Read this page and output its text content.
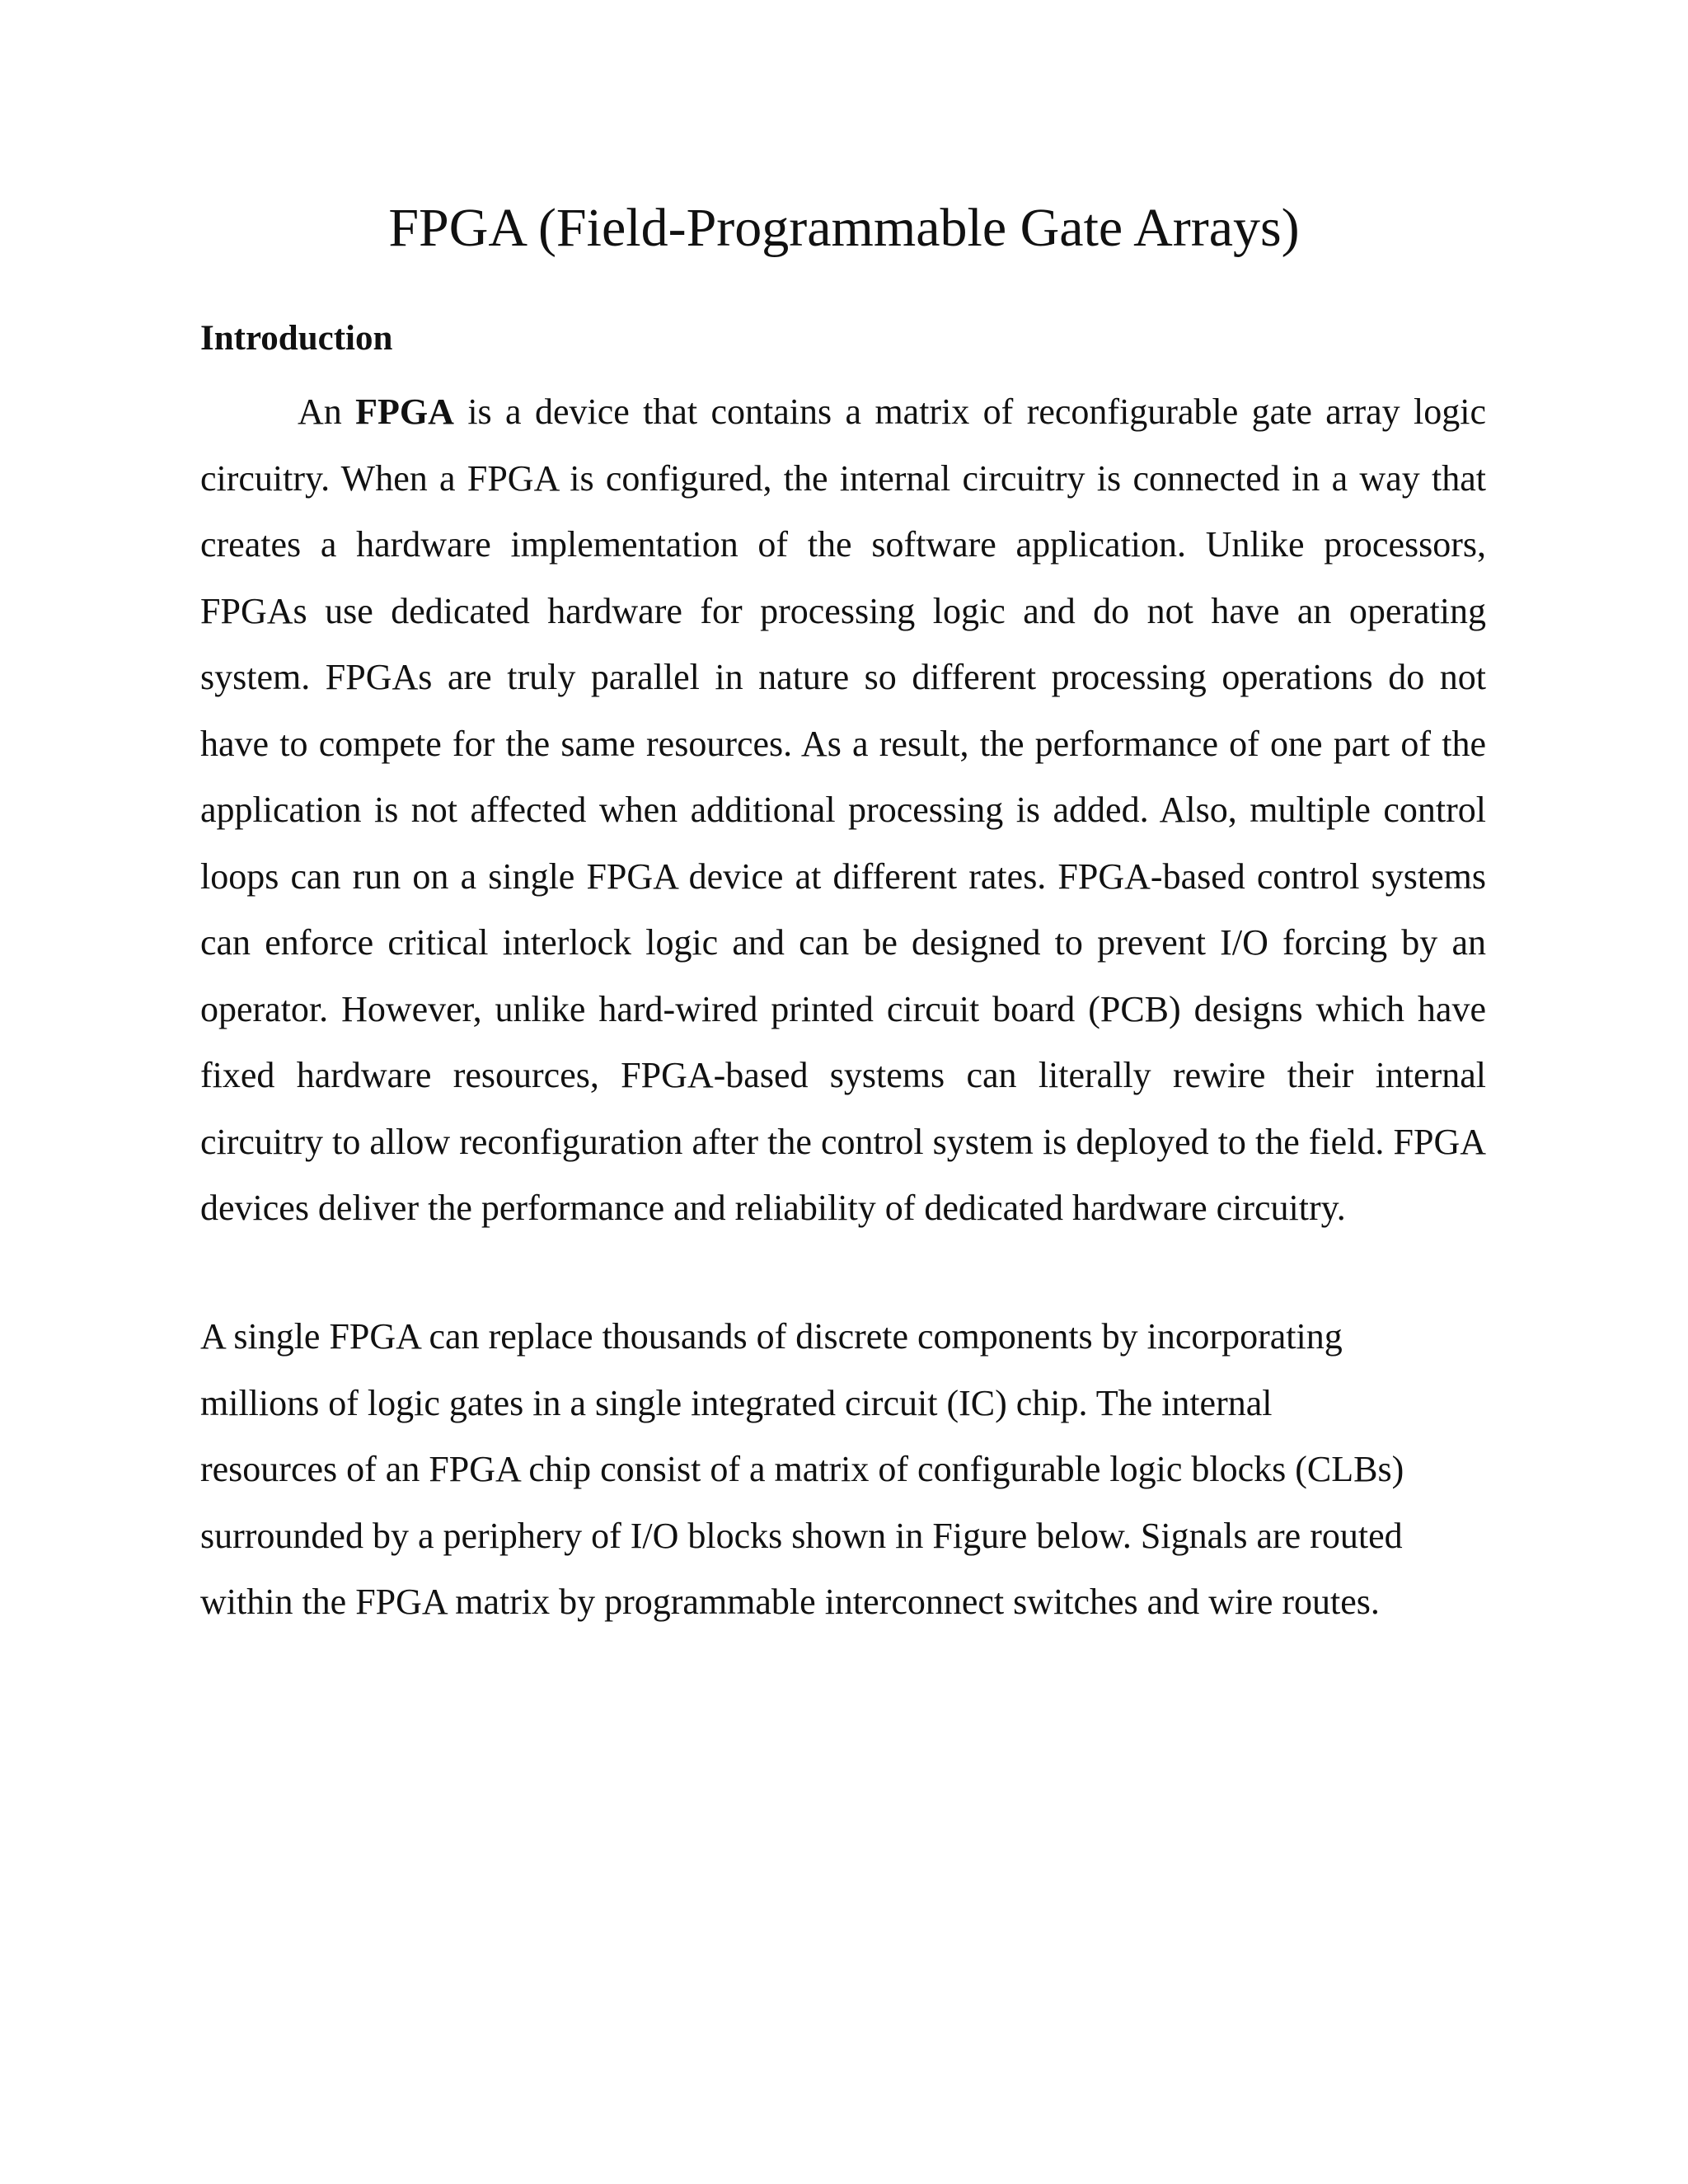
FPGA (Field-Programmable Gate Arrays)
Introduction

An FPGA is a device that contains a matrix of reconfigurable gate array logic circuitry. When a FPGA is configured, the internal circuitry is connected in a way that creates a hardware implementation of the software application. Unlike processors, FPGAs use dedicated hardware for processing logic and do not have an operating system. FPGAs are truly parallel in nature so different processing operations do not have to compete for the same resources. As a result, the performance of one part of the application is not affected when additional processing is added. Also, multiple control loops can run on a single FPGA device at different rates. FPGA-based control systems can enforce critical interlock logic and can be designed to prevent I/O forcing by an operator. However, unlike hard-wired printed circuit board (PCB) designs which have fixed hardware resources, FPGA-based systems can literally rewire their internal circuitry to allow reconfiguration after the control system is deployed to the field. FPGA devices deliver the performance and reliability of dedicated hardware circuitry.

A single FPGA can replace thousands of discrete components by incorporating
millions of logic gates in a single integrated circuit (IC) chip. The internal
resources of an FPGA chip consist of a matrix of configurable logic blocks (CLBs)
surrounded by a periphery of I/O blocks shown in Figure below. Signals are routed
within the FPGA matrix by programmable interconnect switches and wire routes.
